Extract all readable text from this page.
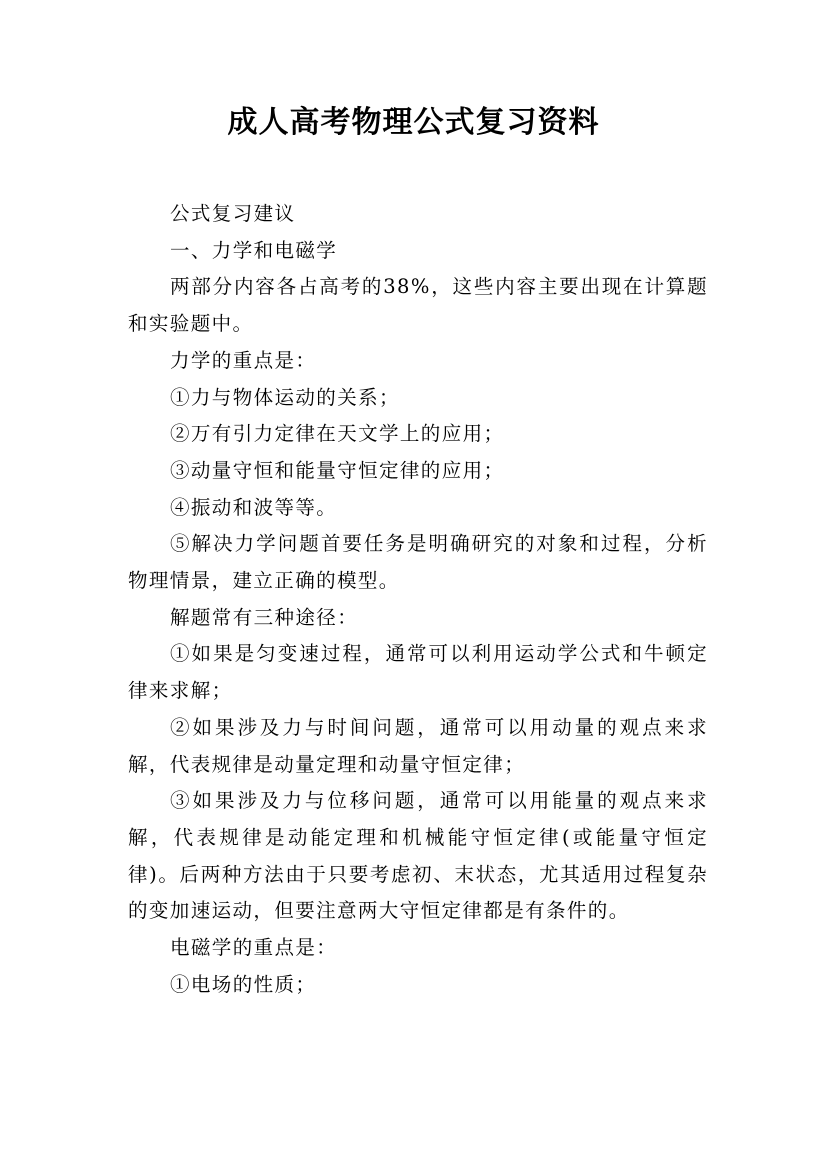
成人高考物理公式复习资料

公式复习建议

一、力学和电磁学

两部分内容各占高考的38%，这些内容主要出现在计算题和实验题中。

力学的重点是：

①力与物体运动的关系；

②万有引力定律在天文学上的应用；

③动量守恒和能量守恒定律的应用；

④振动和波等等。

⑤解决力学问题首要任务是明确研究的对象和过程，分析物理情景，建立正确的模型。

解题常有三种途径：

①如果是匀变速过程，通常可以利用运动学公式和牛顿定律来求解；

②如果涉及力与时间问题，通常可以用动量的观点来求解，代表规律是动量定理和动量守恒定律；

③如果涉及力与位移问题，通常可以用能量的观点来求解，代表规律是动能定理和机械能守恒定律(或能量守恒定律)。后两种方法由于只要考虑初、末状态，尤其适用过程复杂的变加速运动，但要注意两大守恒定律都是有条件的。

电磁学的重点是：

①电场的性质；
